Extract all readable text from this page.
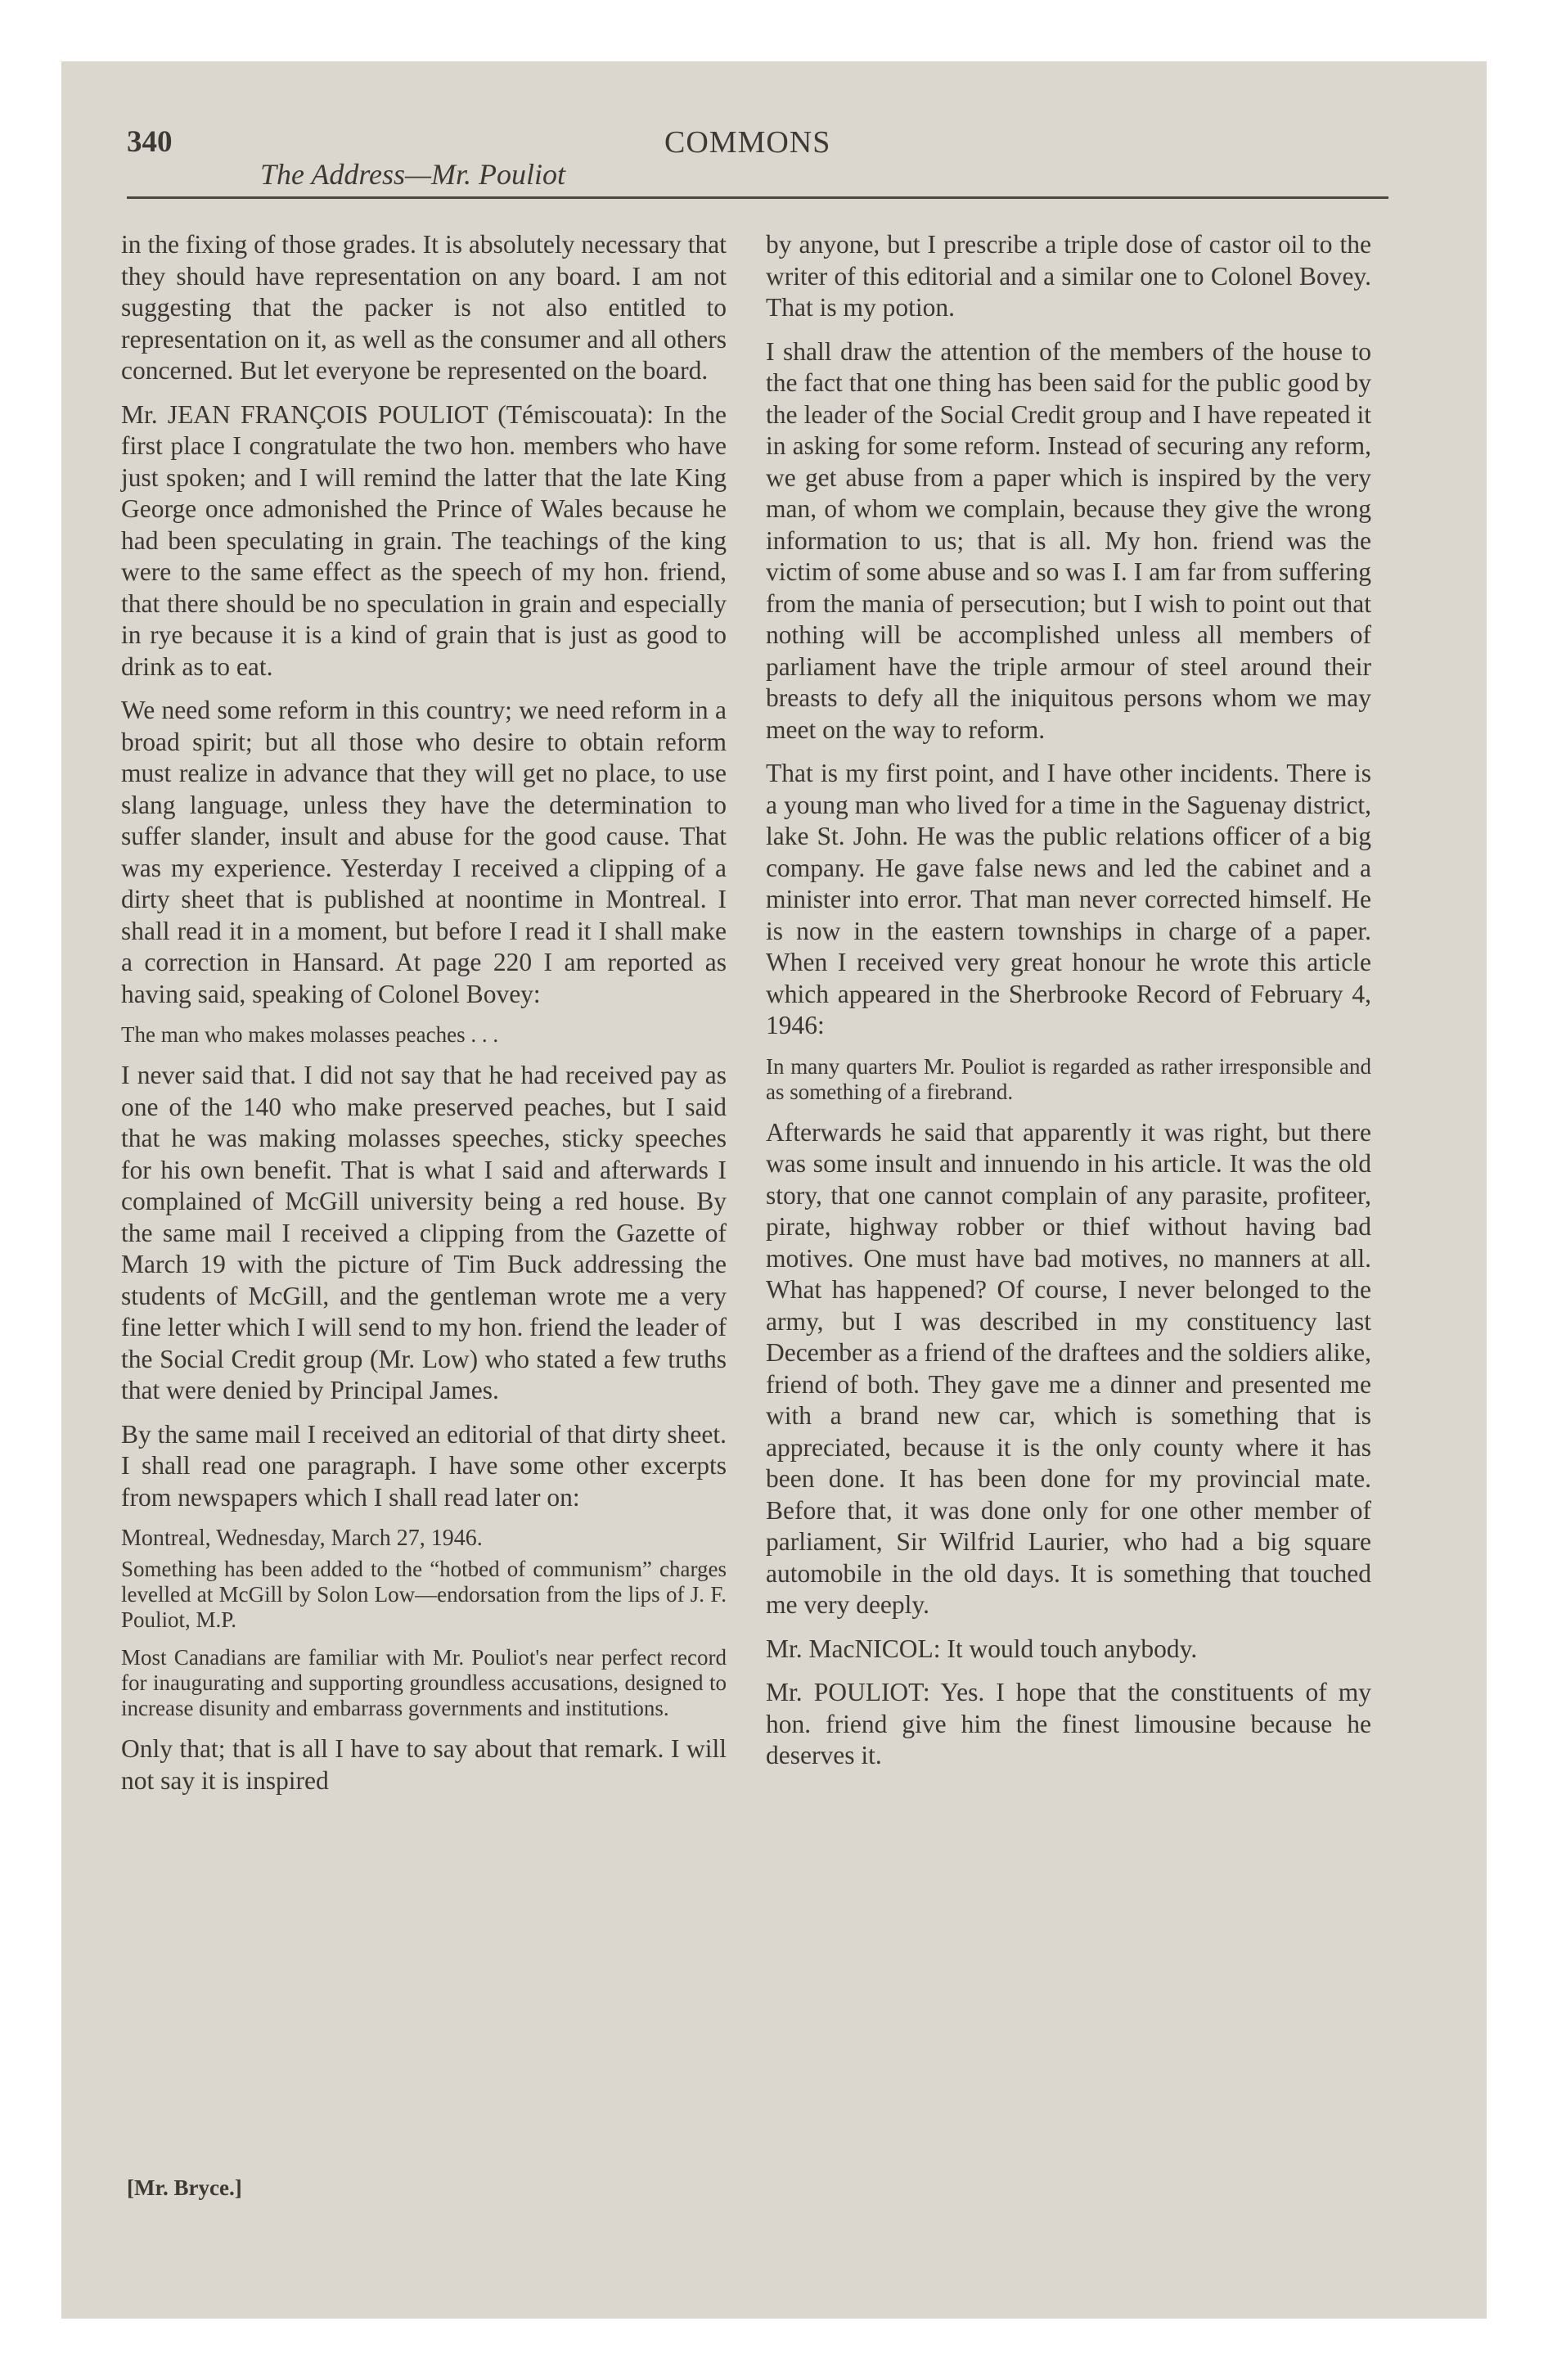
340
The Address—Mr. Pouliot
COMMONS

in the fixing of those grades. It is absolutely necessary that they should have representation on any board. I am not suggesting that the packer is not also entitled to representation on it, as well as the consumer and all others concerned. But let everyone be represented on the board.

Mr. JEAN FRANÇOIS POULIOT (Témiscouata): In the first place I congratulate the two hon. members who have just spoken; and I will remind the latter that the late King George once admonished the Prince of Wales because he had been speculating in grain. The teachings of the king were to the same effect as the speech of my hon. friend, that there should be no speculation in grain and especially in rye because it is a kind of grain that is just as good to drink as to eat.

We need some reform in this country; we need reform in a broad spirit; but all those who desire to obtain reform must realize in advance that they will get no place, to use slang language, unless they have the determination to suffer slander, insult and abuse for the good cause. That was my experience. Yesterday I received a clipping of a dirty sheet that is published at noontime in Montreal. I shall read it in a moment, but before I read it I shall make a correction in Hansard. At page 220 I am reported as having said, speaking of Colonel Bovey:

The man who makes molasses peaches . . .

I never said that. I did not say that he had received pay as one of the 140 who make preserved peaches, but I said that he was making molasses speeches, sticky speeches for his own benefit. That is what I said and afterwards I complained of McGill university being a red house. By the same mail I received a clipping from the Gazette of March 19 with the picture of Tim Buck addressing the students of McGill, and the gentleman wrote me a very fine letter which I will send to my hon. friend the leader of the Social Credit group (Mr. Low) who stated a few truths that were denied by Principal James.

By the same mail I received an editorial of that dirty sheet. I shall read one paragraph. I have some other excerpts from newspapers which I shall read later on:

Montreal, Wednesday, March 27, 1946.

Something has been added to the “hotbed of communism” charges levelled at McGill by Solon Low—endorsation from the lips of J. F. Pouliot, M.P.

Most Canadians are familiar with Mr. Pouliot's near perfect record for inaugurating and supporting groundless accusations, designed to increase disunity and embarrass governments and institutions.

Only that; that is all I have to say about that remark. I will not say it is inspired

by anyone, but I prescribe a triple dose of castor oil to the writer of this editorial and a similar one to Colonel Bovey. That is my potion.

I shall draw the attention of the members of the house to the fact that one thing has been said for the public good by the leader of the Social Credit group and I have repeated it in asking for some reform. Instead of securing any reform, we get abuse from a paper which is inspired by the very man, of whom we complain, because they give the wrong information to us; that is all. My hon. friend was the victim of some abuse and so was I. I am far from suffering from the mania of persecution; but I wish to point out that nothing will be accomplished unless all members of parliament have the triple armour of steel around their breasts to defy all the iniquitous persons whom we may meet on the way to reform.

That is my first point, and I have other incidents. There is a young man who lived for a time in the Saguenay district, lake St. John. He was the public relations officer of a big company. He gave false news and led the cabinet and a minister into error. That man never corrected himself. He is now in the eastern townships in charge of a paper. When I received very great honour he wrote this article which appeared in the Sherbrooke Record of February 4, 1946:

In many quarters Mr. Pouliot is regarded as rather irresponsible and as something of a firebrand.

Afterwards he said that apparently it was right, but there was some insult and innuendo in his article. It was the old story, that one cannot complain of any parasite, profiteer, pirate, highway robber or thief without having bad motives. One must have bad motives, no manners at all. What has happened? Of course, I never belonged to the army, but I was described in my constituency last December as a friend of the draftees and the soldiers alike, friend of both. They gave me a dinner and presented me with a brand new car, which is something that is appreciated, because it is the only county where it has been done. It has been done for my provincial mate. Before that, it was done only for one other member of parliament, Sir Wilfrid Laurier, who had a big square automobile in the old days. It is something that touched me very deeply.

Mr. MacNICOL: It would touch anybody.

Mr. POULIOT: Yes. I hope that the constituents of my hon. friend give him the finest limousine because he deserves it.

[Mr. Bryce.]
